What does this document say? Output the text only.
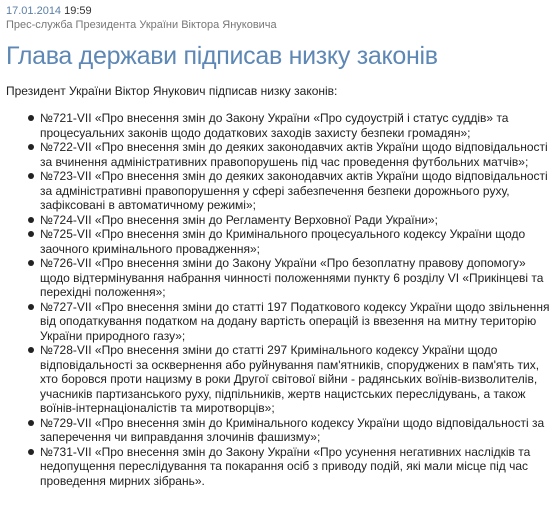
17.01.2014 19:59
Прес-служба Президента України Віктора Януковича
Глава держави підписав низку законів

Президент України Віктор Янукович підписав низку законів:

№721-VII «Про внесення змін до Закону України «Про судоустрій і статус суддів» та процесуальних законів щодо додаткових заходів захисту безпеки громадян»;
№722-VII «Про внесення змін до деяких законодавчих актів України щодо відповідальності за вчинення адміністративних правопорушень під час проведення футбольних матчів»;
№723-VII «Про внесення змін до деяких законодавчих актів України щодо відповідальності за адміністративні правопорушення у сфері забезпечення безпеки дорожнього руху, зафіксовані в автоматичному режимі»;
№724-VII «Про внесення змін до Регламенту Верховної Ради України»;
№725-VII «Про внесення змін до Кримінального процесуального кодексу України щодо заочного кримінального провадження»;
№726-VII «Про внесення зміни до Закону України «Про безоплатну правову допомогу» щодо відтермінування набрання чинності положеннями пункту 6 розділу VI «Прикінцеві та перехідні положення»;
№727-VII «Про внесення зміни до статті 197 Податкового кодексу України щодо звільнення від оподаткування податком на додану вартість операцій із ввезення на митну територію України природного газу»;
№728-VII «Про внесення зміни до статті 297 Кримінального кодексу України щодо відповідальності за осквернення або руйнування пам'ятників, споруджених в пам'ять тих, хто боровся проти нацизму в роки Другої світової війни - радянських воїнів-визволителів, учасників партизанського руху, підпільників, жертв нацистських переслідувань, а також воїнів-інтернаціоналістів та миротворців»;
№729-VII «Про внесення змін до Кримінального кодексу України щодо відповідальності за заперечення чи виправдання злочинів фашизму»;
№731-VII «Про внесення змін до Закону України «Про усунення негативних наслідків та недопущення переслідування та покарання осіб з приводу подій, які мали місце під час проведення мирних зібрань».
